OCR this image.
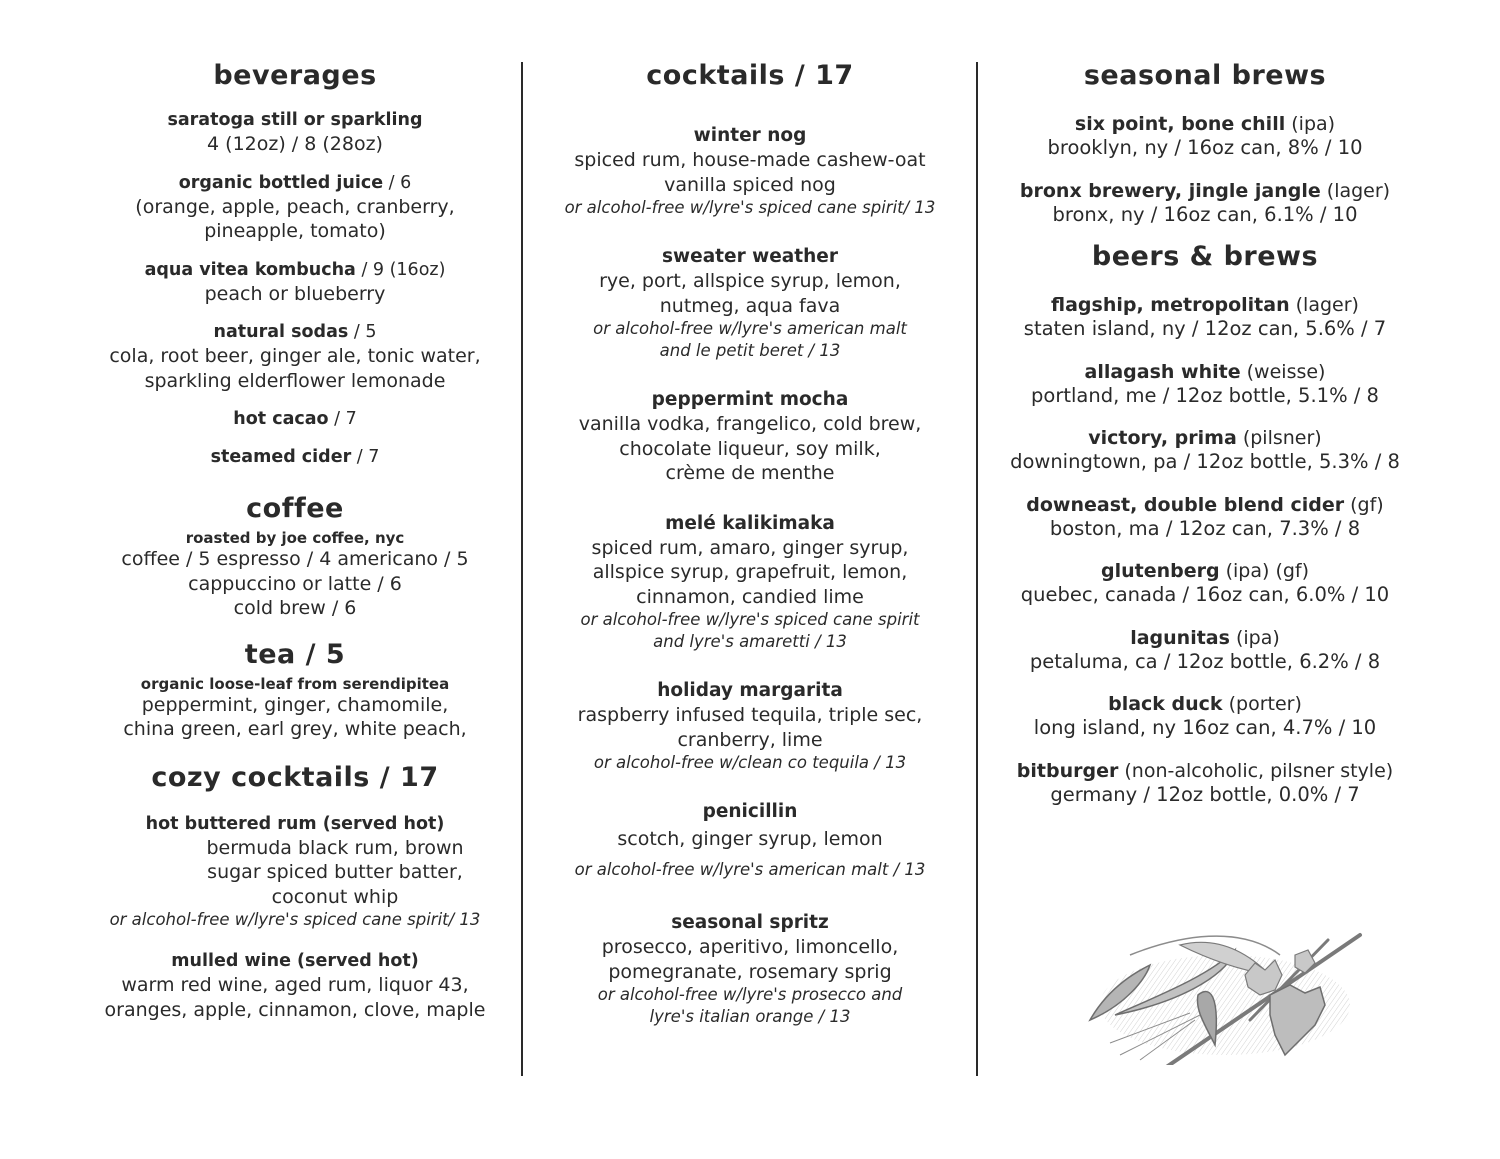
beverages
saratoga still or sparkling
4 (12oz) / 8 (28oz)
organic bottled juice / 6
(orange, apple, peach, cranberry,
pineapple, tomato)
aqua vitea kombucha / 9 (16oz)
peach or blueberry
natural sodas / 5
cola, root beer, ginger ale, tonic water,
sparkling elderflower lemonade
hot cacao / 7
steamed cider / 7
coffee
roasted by joe coffee, nyc
coffee / 5 espresso / 4 americano / 5
cappuccino or latte / 6
cold brew / 6
tea / 5
organic loose-leaf from serendipitea
peppermint, ginger, chamomile,
china green, earl grey, white peach,
cozy cocktails / 17
hot buttered rum (served hot)
bermuda black rum, brown
sugar spiced butter batter,
coconut whip
or alcohol-free w/lyre's spiced cane spirit/ 13
mulled wine (served hot)
warm red wine, aged rum, liquor 43,
oranges, apple, cinnamon, clove, maple
cocktails / 17
winter nog
spiced rum, house-made cashew-oat
vanilla spiced nog
or alcohol-free w/lyre's spiced cane spirit/ 13
sweater weather
rye, port, allspice syrup, lemon,
nutmeg, aqua fava
or alcohol-free w/lyre's american malt
and le petit beret / 13
peppermint mocha
vanilla vodka, frangelico, cold brew,
chocolate liqueur, soy milk,
crème de menthe
melé kalikimaka
spiced rum, amaro, ginger syrup,
allspice syrup, grapefruit, lemon,
cinnamon, candied lime
or alcohol-free w/lyre's spiced cane spirit
and lyre's amaretti / 13
holiday margarita
raspberry infused tequila, triple sec,
cranberry, lime
or alcohol-free w/clean co tequila / 13
penicillin
scotch, ginger syrup, lemon
or alcohol-free w/lyre's american malt / 13
seasonal spritz
prosecco, aperitivo, limoncello,
pomegranate, rosemary sprig
or alcohol-free w/lyre's prosecco and
lyre's italian orange / 13
seasonal brews
six point, bone chill (ipa)
brooklyn, ny / 16oz can, 8% / 10
bronx brewery, jingle jangle (lager)
bronx, ny / 16oz can, 6.1% / 10
beers & brews
flagship, metropolitan (lager)
staten island, ny / 12oz can, 5.6% / 7
allagash white (weisse)
portland, me / 12oz bottle, 5.1% / 8
victory, prima (pilsner)
downingtown, pa / 12oz bottle, 5.3% / 8
downeast, double blend cider (gf)
boston, ma / 12oz can, 7.3% / 8
glutenberg (ipa) (gf)
quebec, canada / 16oz can, 6.0% / 10
lagunitas (ipa)
petaluma, ca / 12oz bottle, 6.2% / 8
black duck (porter)
long island, ny 16oz can, 4.7% / 10
bitburger (non-alcoholic, pilsner style)
germany / 12oz bottle, 0.0% / 7
